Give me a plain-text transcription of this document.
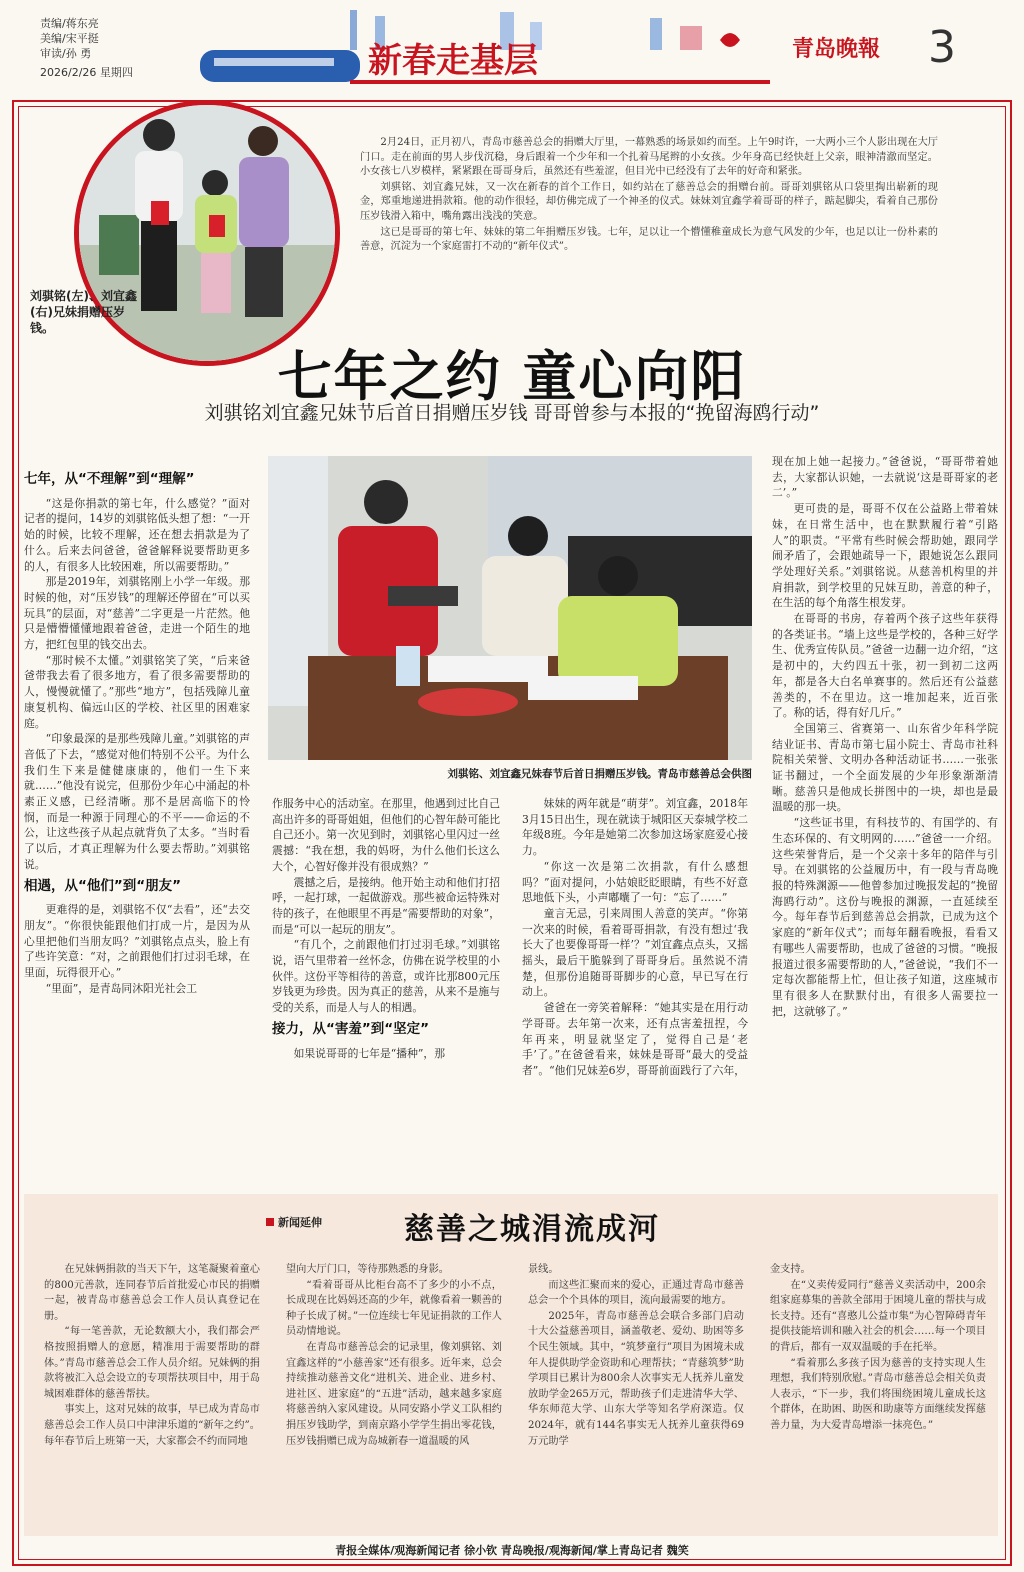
责编/蒋东亮
美编/宋平挺
审读/孙 勇
2026/2/26 星期四	新春走基层	青岛晚報 3
刘骐铭(左)、刘宜鑫(右)兄妹捐赠压岁钱。

2月24日，正月初八，青岛市慈善总会的捐赠大厅里，一幕熟悉的场景如约而至。上午9时许，一大两小三个人影出现在大厅门口。走在前面的男人步伐沉稳，身后跟着一个少年和一个扎着马尾辫的小女孩。少年身高已经快赶上父亲，眼神清澈而坚定。小女孩七八岁模样，紧紧跟在哥哥身后，虽然还有些羞涩，但目光中已经没有了去年的好奇和紧张。

刘骐铭、刘宜鑫兄妹，又一次在新春的首个工作日，如约站在了慈善总会的捐赠台前。哥哥刘骐铭从口袋里掏出崭新的现金，郑重地递进捐款箱。他的动作很轻，却仿佛完成了一个神圣的仪式。妹妹刘宜鑫学着哥哥的样子，踮起脚尖，看着自己那份压岁钱滑入箱中，嘴角露出浅浅的笑意。

这已是哥哥的第七年、妹妹的第二年捐赠压岁钱。七年，足以让一个懵懂稚童成长为意气风发的少年，也足以让一份朴素的善意，沉淀为一个家庭雷打不动的“新年仪式”。

七年之约 童心向阳
刘骐铭刘宜鑫兄妹节后首日捐赠压岁钱 哥哥曾参与本报的“挽留海鸥行动”
七年，从“不理解”到“理解”

“这是你捐款的第七年，什么感觉？”面对记者的提问，14岁的刘骐铭低头想了想：“一开始的时候，比较不理解，还在想去捐款是为了什么。后来去问爸爸，爸爸解释说要帮助更多的人，有很多人比较困难，所以需要帮助。”

那是2019年，刘骐铭刚上小学一年级。那时候的他，对“压岁钱”的理解还停留在“可以买玩具”的层面，对“慈善”二字更是一片茫然。他只是懵懵懂懂地跟着爸爸，走进一个陌生的地方，把红包里的钱交出去。

“那时候不太懂。”刘骐铭笑了笑，“后来爸爸带我去看了很多地方，看了很多需要帮助的人，慢慢就懂了。”那些“地方”，包括残障儿童康复机构、偏远山区的学校、社区里的困难家庭。

“印象最深的是那些残障儿童。”刘骐铭的声音低了下去，“感觉对他们特别不公平。为什么我们生下来是健健康康的，他们一生下来就……”他没有说完，但那份少年心中涌起的朴素正义感，已经清晰。那不是居高临下的怜悯，而是一种源于同理心的不平——命运的不公，让这些孩子从起点就背负了太多。“当时看了以后，才真正理解为什么要去帮助。”刘骐铭说。

相遇，从“他们”到“朋友”

更难得的是，刘骐铭不仅“去看”，还“去交朋友”。“你很快能跟他们打成一片，是因为从心里把他们当朋友吗？”刘骐铭点点头，脸上有了些许笑意：“对，之前跟他们打过羽毛球，在里面，玩得很开心。”

“里面”，是青岛同沐阳光社会工

刘骐铭、刘宜鑫兄妹春节后首日捐赠压岁钱。青岛市慈善总会供图

作服务中心的活动室。在那里，他遇到过比自己高出许多的哥哥姐姐，但他们的心智年龄可能比自己还小。第一次见到时，刘骐铭心里闪过一丝震撼：“我在想，我的妈呀，为什么他们长这么大个，心智好像并没有很成熟？”

震撼之后，是接纳。他开始主动和他们打招呼，一起打球，一起做游戏。那些被命运特殊对待的孩子，在他眼里不再是“需要帮助的对象”，而是“可以一起玩的朋友”。

“有几个，之前跟他们打过羽毛球。”刘骐铭说，语气里带着一丝怀念，仿佛在说学校里的小伙伴。这份平等相待的善意，或许比那800元压岁钱更为珍贵。因为真正的慈善，从来不是施与受的关系，而是人与人的相遇。

接力，从“害羞”到“坚定”

如果说哥哥的七年是“播种”，那

妹妹的两年就是“萌芽”。刘宜鑫，2018年3月15日出生，现在就读于城阳区天泰城学校二年级8班。今年是她第二次参加这场家庭爱心接力。

“你这一次是第二次捐款，有什么感想吗？”面对提问，小姑娘眨眨眼睛，有些不好意思地低下头，小声嘟囔了一句：“忘了……”

童言无忌，引来周围人善意的笑声。“你第一次来的时候，看着哥哥捐款，有没有想过‘我长大了也要像哥哥一样’？”刘宜鑫点点头，又摇摇头，最后干脆躲到了哥哥身后。虽然说不清楚，但那份追随哥哥脚步的心意，早已写在行动上。

爸爸在一旁笑着解释：“她其实是在用行动学哥哥。去年第一次来，还有点害羞扭捏，今年再来，明显就坚定了，觉得自己是‘老手’了。”在爸爸看来，妹妹是哥哥“最大的受益者”。“他们兄妹差6岁，哥哥前面践行了六年，

现在加上她一起接力。”爸爸说，“哥哥带着她去，大家都认识她，一去就说‘这是哥哥家的老二’。”

更可贵的是，哥哥不仅在公益路上带着妹妹，在日常生活中，也在默默履行着“引路人”的职责。“平常有些时候会帮助她，跟同学闹矛盾了，会跟她疏导一下，跟她说怎么跟同学处理好关系。”刘骐铭说。从慈善机构里的并肩捐款，到学校里的兄妹互助，善意的种子，在生活的每个角落生根发芽。

在哥哥的书房，存着两个孩子这些年获得的各类证书。“墙上这些是学校的，各种三好学生、优秀宣传队员。”爸爸一边翻一边介绍，“这是初中的，大约四五十张，初一到初二这两年，都是各大白名单赛事的。然后还有公益慈善类的，不在里边。这一堆加起来，近百张了。称的话，得有好几斤。”

全国第三、省赛第一、山东省少年科学院结业证书、青岛市第七届小院士、青岛市社科院相关荣誉、文明办各种活动证书……一张张证书翻过，一个全面发展的少年形象渐渐清晰。慈善只是他成长拼图中的一块，却也是最温暖的那一块。

“这些证书里，有科技节的、有国学的、有生态环保的、有文明网的……”爸爸一一介绍。这些荣誉背后，是一个父亲十多年的陪伴与引导。在刘骐铭的公益履历中，有一段与青岛晚报的特殊渊源——他曾参加过晚报发起的“挽留海鸥行动”。这份与晚报的渊源，一直延续至今。每年春节后到慈善总会捐款，已成为这个家庭的“新年仪式”；而每年翻看晚报，看看又有哪些人需要帮助，也成了爸爸的习惯。“晚报报道过很多需要帮助的人，”爸爸说，“我们不一定每次都能帮上忙，但让孩子知道，这座城市里有很多人在默默付出，有很多人需要拉一把，这就够了。”

新闻延伸	慈善之城涓流成河

在兄妹俩捐款的当天下午，这笔凝聚着童心的800元善款，连同春节后首批爱心市民的捐赠一起，被青岛市慈善总会工作人员认真登记在册。

“每一笔善款，无论数额大小，我们都会严格按照捐赠人的意愿，精准用于需要帮助的群体。”青岛市慈善总会工作人员介绍。兄妹俩的捐款将被汇入总会设立的专项帮扶项目中，用于岛城困难群体的慈善帮扶。

事实上，这对兄妹的故事，早已成为青岛市慈善总会工作人员口中津津乐道的“新年之约”。每年春节后上班第一天，大家都会不约而同地

望向大厅门口，等待那熟悉的身影。

“看着哥哥从比柜台高不了多少的小不点，长成现在比妈妈还高的少年，就像看着一颗善的种子长成了树。”一位连续七年见证捐款的工作人员动情地说。

在青岛市慈善总会的记录里，像刘骐铭、刘宜鑫这样的“小慈善家”还有很多。近年来，总会持续推动慈善文化“进机关、进企业、进乡村、进社区、进家庭”的“五进”活动，越来越多家庭将慈善纳入家风建设。从同安路小学义工队相约捐压岁钱助学，到南京路小学学生捐出零花钱，压岁钱捐赠已成为岛城新春一道温暖的风

景线。

而这些汇聚而来的爱心，正通过青岛市慈善总会一个个具体的项目，流向最需要的地方。

2025年，青岛市慈善总会联合多部门启动十大公益慈善项目，涵盖敬老、爱幼、助困等多个民生领域。其中，“筑梦童行”项目为困境未成年人提供助学金资助和心理帮扶；“青慈筑梦”助学项目已累计为800余人次事实无人抚养儿童发放助学金265万元，帮助孩子们走进清华大学、华东师范大学、山东大学等知名学府深造。仅2024年，就有144名事实无人抚养儿童获得69万元助学

金支持。

在“义卖传爱同行”慈善义卖活动中，200余组家庭募集的善款全部用于困境儿童的帮扶与成长支持。还有“喜憨儿公益市集”为心智障碍青年提供技能培训和融入社会的机会……每一个项目的背后，都有一双双温暖的手在托举。

“看着那么多孩子因为慈善的支持实现人生理想，我们特别欣慰。”青岛市慈善总会相关负责人表示，“下一步，我们将围绕困境儿童成长这个群体，在助困、助医和助康等方面继续发挥慈善力量，为大爱青岛增添一抹亮色。”

青报全媒体/观海新闻记者 徐小钦 青岛晚报/观海新闻/掌上青岛记者 魏笑
